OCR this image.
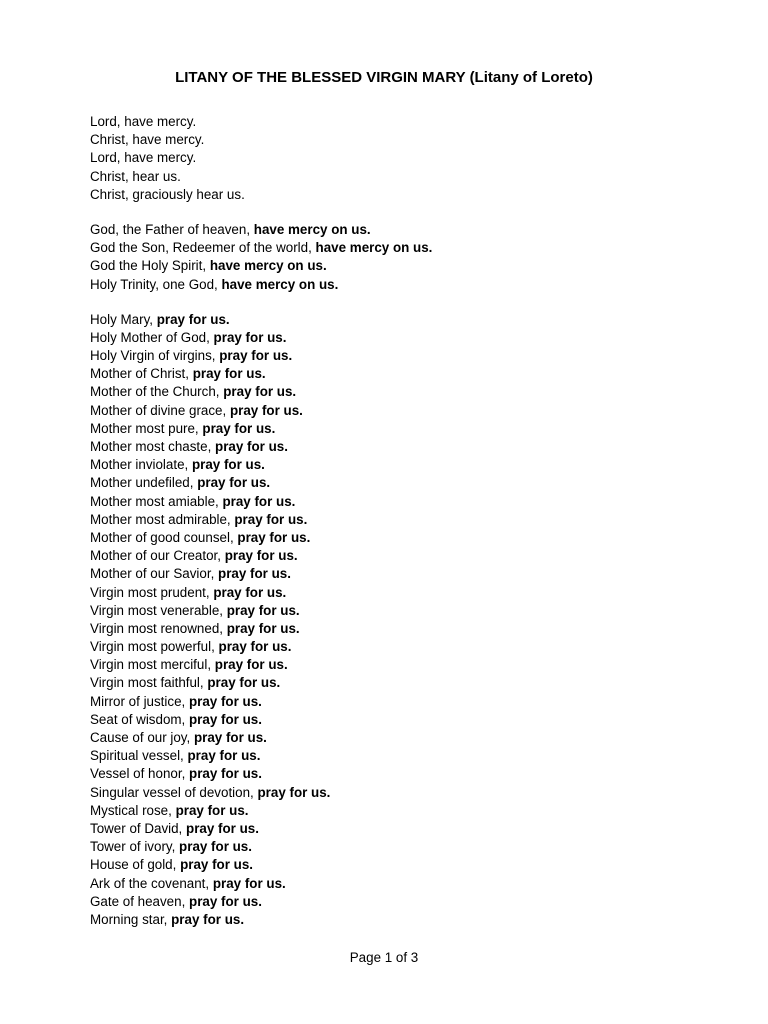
LITANY OF THE BLESSED VIRGIN MARY (Litany of Loreto)
Lord, have mercy.
Christ, have mercy.
Lord, have mercy.
Christ, hear us.
Christ, graciously hear us.
God, the Father of heaven, have mercy on us.
God the Son, Redeemer of the world, have mercy on us.
God the Holy Spirit, have mercy on us.
Holy Trinity, one God, have mercy on us.
Holy Mary, pray for us.
Holy Mother of God, pray for us.
Holy Virgin of virgins, pray for us.
Mother of Christ, pray for us.
Mother of the Church, pray for us.
Mother of divine grace, pray for us.
Mother most pure, pray for us.
Mother most chaste, pray for us.
Mother inviolate, pray for us.
Mother undefiled, pray for us.
Mother most amiable, pray for us.
Mother most admirable, pray for us.
Mother of good counsel, pray for us.
Mother of our Creator, pray for us.
Mother of our Savior, pray for us.
Virgin most prudent, pray for us.
Virgin most venerable, pray for us.
Virgin most renowned, pray for us.
Virgin most powerful, pray for us.
Virgin most merciful, pray for us.
Virgin most faithful, pray for us.
Mirror of justice, pray for us.
Seat of wisdom, pray for us.
Cause of our joy, pray for us.
Spiritual vessel, pray for us.
Vessel of honor, pray for us.
Singular vessel of devotion, pray for us.
Mystical rose, pray for us.
Tower of David, pray for us.
Tower of ivory, pray for us.
House of gold, pray for us.
Ark of the covenant, pray for us.
Gate of heaven, pray for us.
Morning star, pray for us.
Page 1 of 3
